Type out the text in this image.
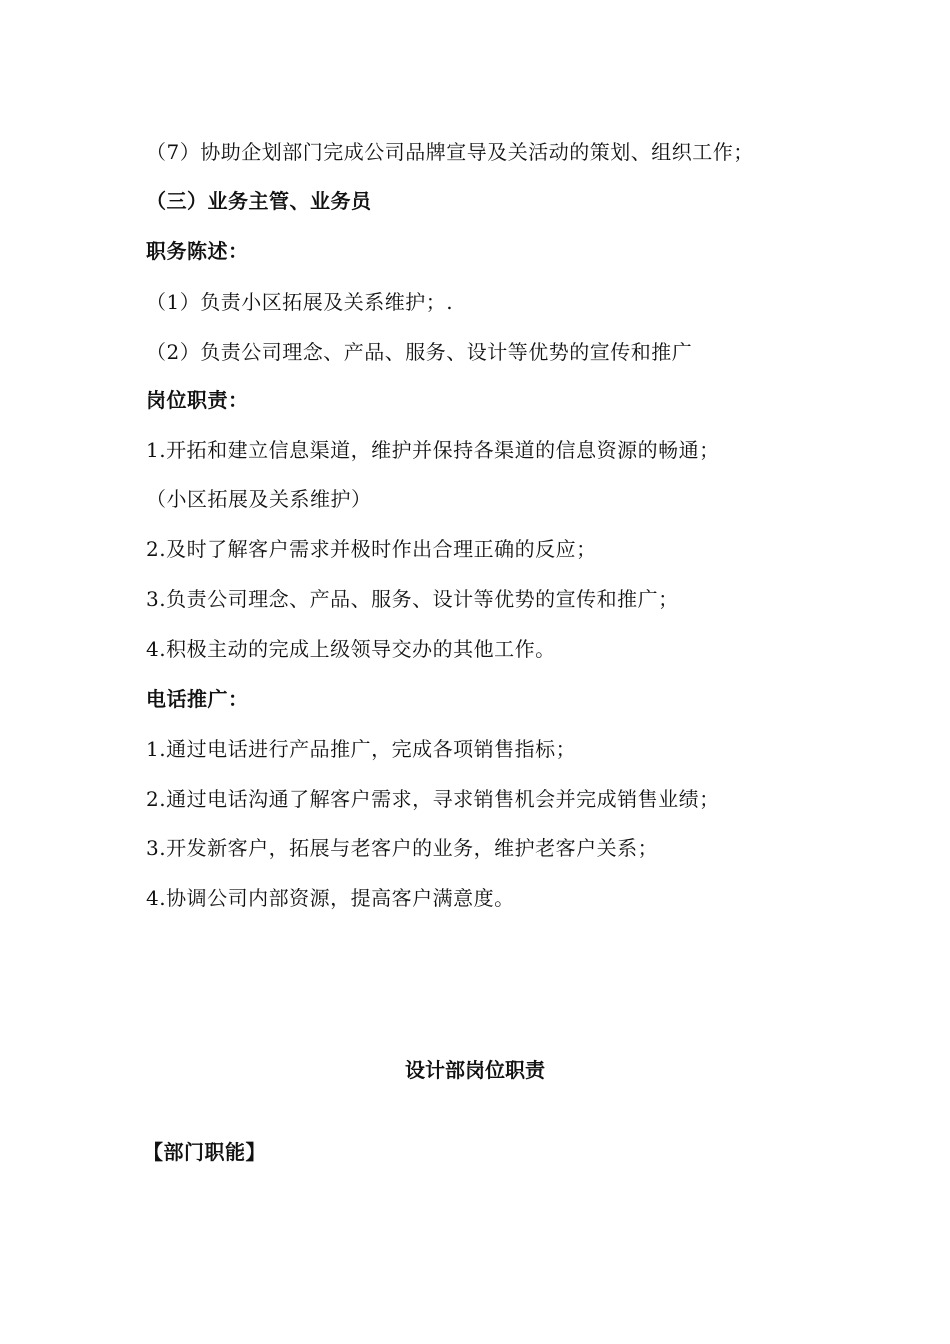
（7）协助企划部门完成公司品牌宣导及关活动的策划、组织工作；
（三）业务主管、业务员
职务陈述：
（1）负责小区拓展及关系维护；.
（2）负责公司理念、产品、服务、设计等优势的宣传和推广
岗位职责：
1.开拓和建立信息渠道，维护并保持各渠道的信息资源的畅通；
（小区拓展及关系维护）
2.及时了解客户需求并极时作出合理正确的反应；
3.负责公司理念、产品、服务、设计等优势的宣传和推广；
4.积极主动的完成上级领导交办的其他工作。
电话推广：
1.通过电话进行产品推广，完成各项销售指标；
2.通过电话沟通了解客户需求，寻求销售机会并完成销售业绩；
3.开发新客户，拓展与老客户的业务，维护老客户关系；
4.协调公司内部资源，提高客户满意度。
设计部岗位职责
【部门职能】
